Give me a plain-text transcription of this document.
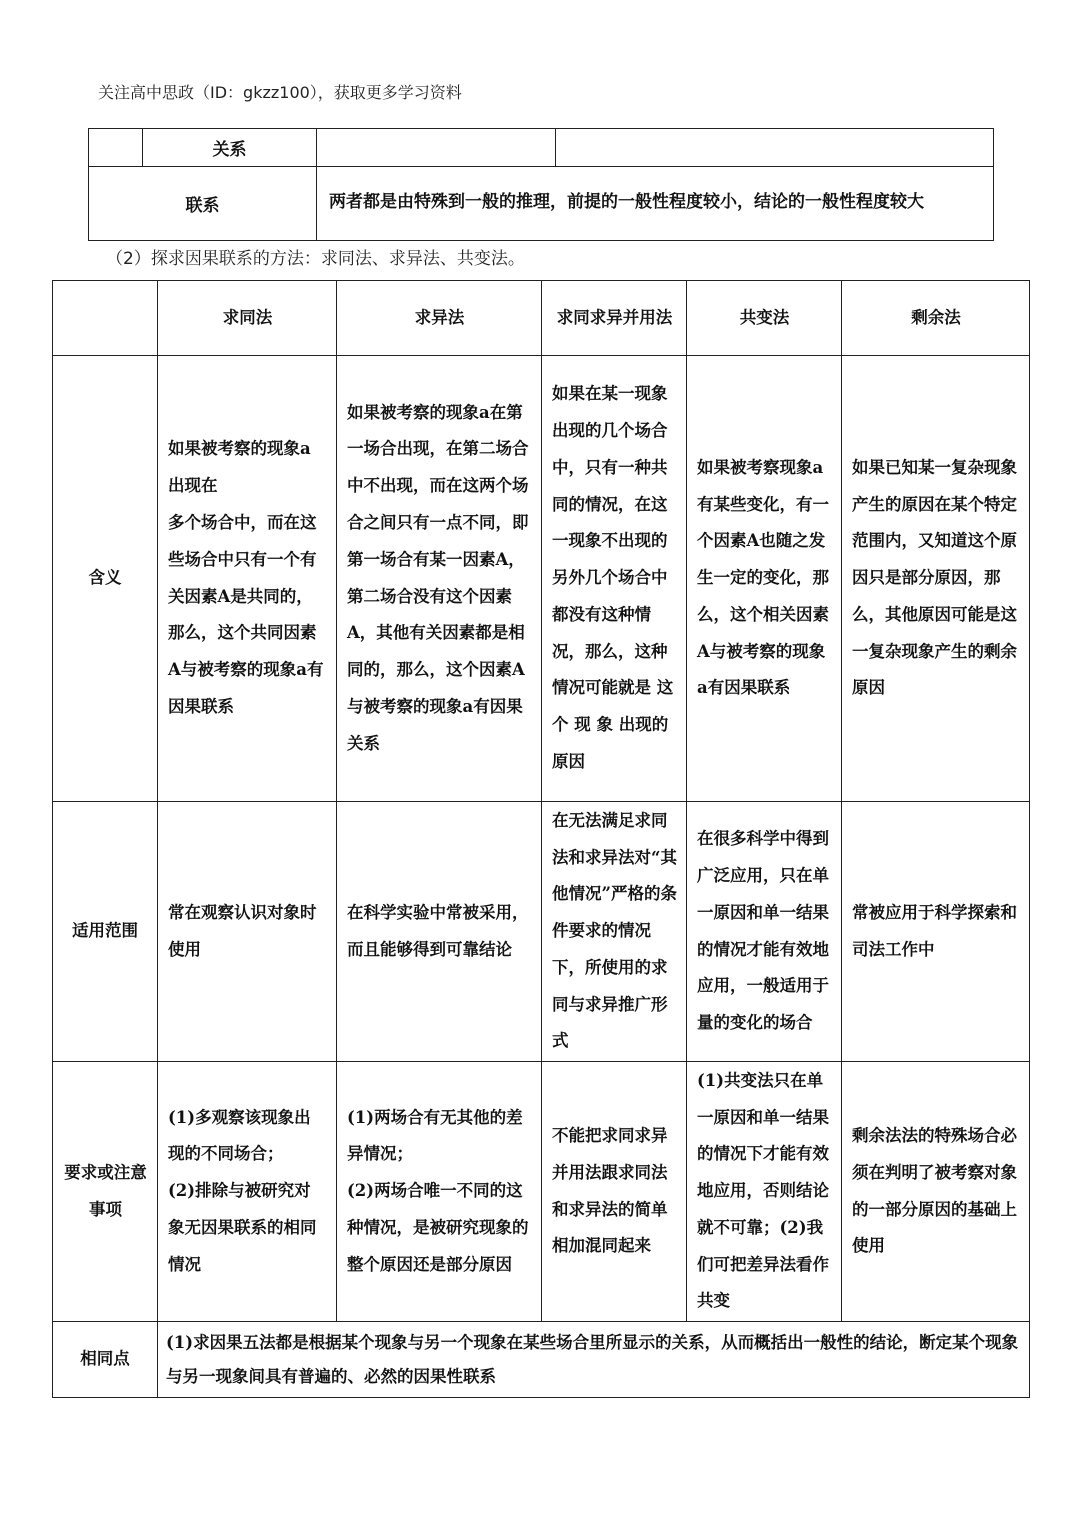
关注高中思政（ID：gkzz100），获取更多学习资料
	关系		
联系		两者都是由特殊到一般的推理，前提的一般性程度较小，结论的一般性程度较大	
（2）探求因果联系的方法：求同法、求异法、共变法。
	求同法	求异法	求同求异并用法	共变法	剩余法
含义	如果被考察的现象a出现在
多个场合中，而在这些场合中只有一个有关因素A是共同的，那么，这个共同因素A与被考察的现象a有因果联系	如果被考察的现象a在第一场合出现，在第二场合中不出现，而在这两个场合之间只有一点不同，即第一场合有某一因素A，第二场合没有这个因素A，其他有关因素都是相同的，那么，这个因素A与被考察的现象a有因果关系	如果在某一现象出现的几个场合中，只有一种共同的情况，在这一现象不出现的另外几个场合中都没有这种情况，那么，这种情况可能就是 这 个 现 象 出现的原因	如果被考察现象a有某些变化，有一个因素A也随之发生一定的变化，那么，这个相关因素A与被考察的现象a有因果联系	如果已知某一复杂现象产生的原因在某个特定范围内，又知道这个原因只是部分原因，那么，其他原因可能是这一复杂现象产生的剩余原因
适用范围	常在观察认识对象时使用	在科学实验中常被采用，而且能够得到可靠结论	在无法满足求同法和求异法对“其他情况”严格的条件要求的情况下，所使用的求同与求异推广形式	在很多科学中得到广泛应用，只在单一原因和单一结果的情况才能有效地应用，一般适用于量的变化的场合	常被应用于科学探索和司法工作中
要求或注意事项	(1)多观察该现象出现的不同场合；
(2)排除与被研究对象无因果联系的相同情况	(1)两场合有无其他的差异情况；
(2)两场合唯一不同的这种情况，是被研究现象的整个原因还是部分原因	不能把求同求异并用法跟求同法和求异法的简单相加混同起来	(1)共变法只在单一原因和单一结果的情况下才能有效地应用，否则结论就不可靠；(2)我们可把差异法看作共变	剩余法法的特殊场合必须在判明了被考察对象的一部分原因的基础上使用
相同点	(1)求因果五法都是根据某个现象与另一个现象在某些场合里所显示的关系，从而概括出一般性的结论，断定某个现象与另一现象间具有普遍的、必然的因果性联系				
